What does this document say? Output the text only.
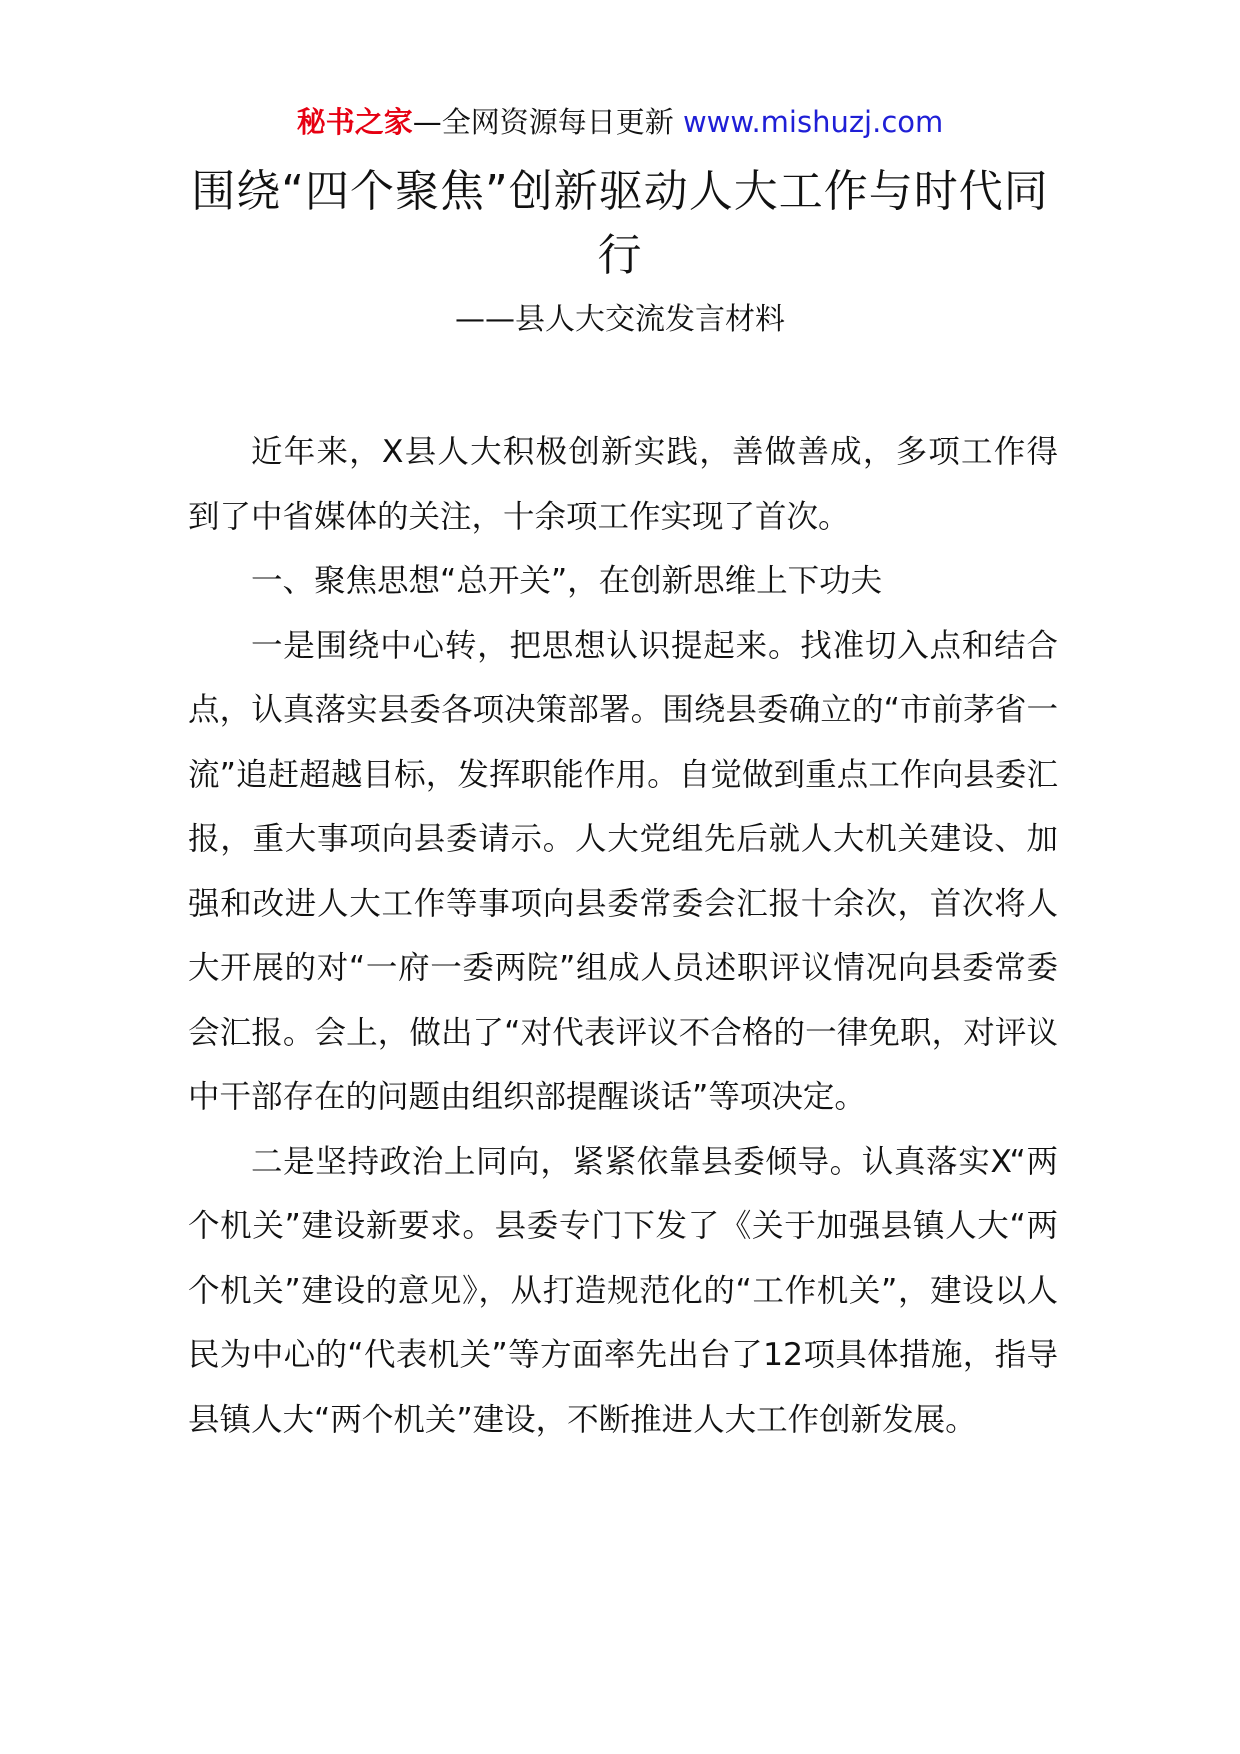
秘书之家—全网资源每日更新 www.mishuzj.com
围绕“四个聚焦”创新驱动人大工作与时代同行
——县人大交流发言材料

近年来，X县人大积极创新实践，善做善成，多项工作得到了中省媒体的关注，十余项工作实现了首次。

一、聚焦思想“总开关”，在创新思维上下功夫

一是围绕中心转，把思想认识提起来。找准切入点和结合点，认真落实县委各项决策部署。围绕县委确立的“市前茅省一流”追赶超越目标，发挥职能作用。自觉做到重点工作向县委汇报，重大事项向县委请示。人大党组先后就人大机关建设、加强和改进人大工作等事项向县委常委会汇报十余次，首次将人大开展的对“一府一委两院”组成人员述职评议情况向县委常委会汇报。会上，做出了“对代表评议不合格的一律免职，对评议中干部存在的问题由组织部提醒谈话”等项决定。

二是坚持政治上同向，紧紧依靠县委倾导。认真落实X“两个机关”建设新要求。县委专门下发了《关于加强县镇人大“两个机关”建设的意见》，从打造规范化的“工作机关”，建设以人民为中心的“代表机关”等方面率先出台了12项具体措施，指导县镇人大“两个机关”建设，不断推进人大工作创新发展。
